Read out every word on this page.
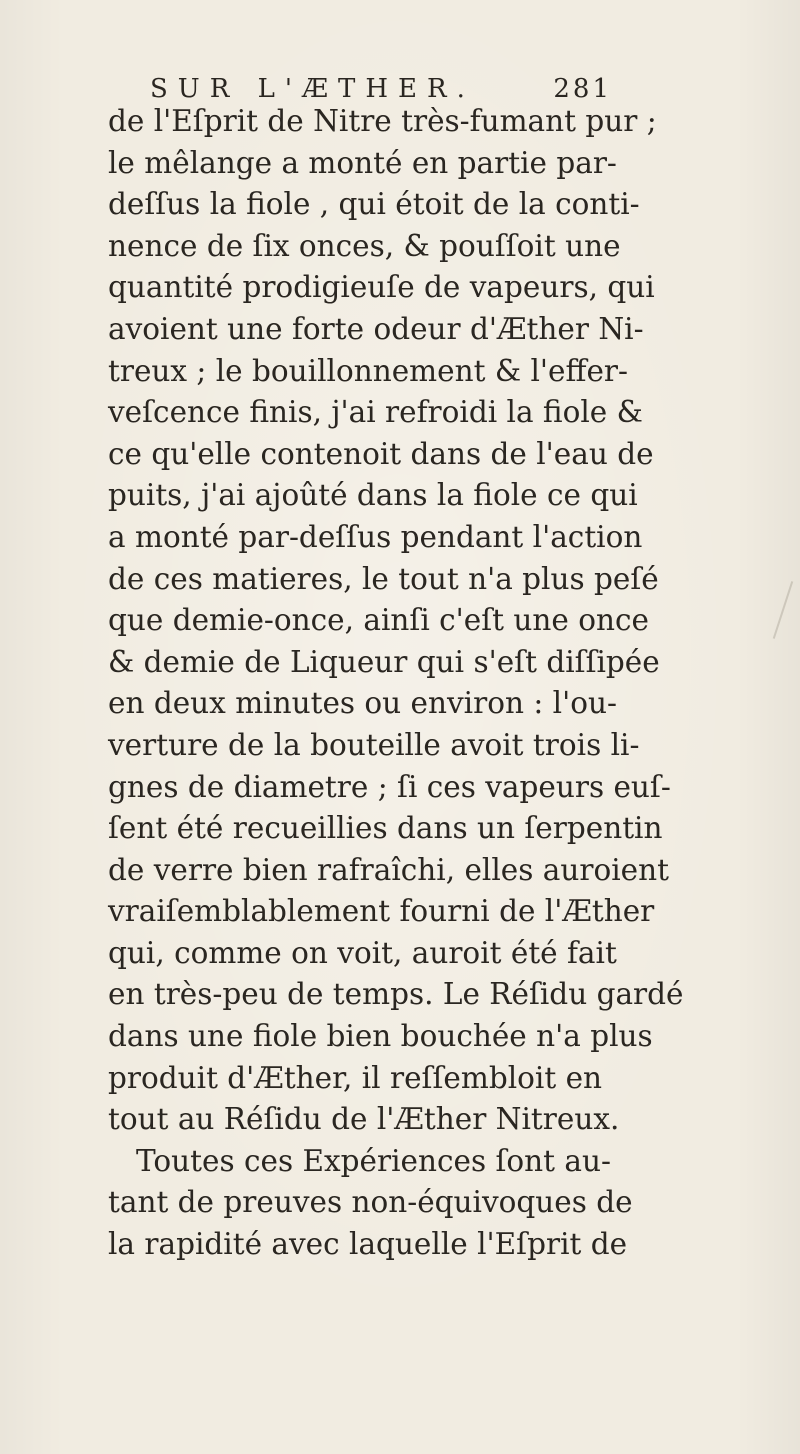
SUR L'ÆTHER.	281
de l'Eſprit de Nitre très-fumant pur ;
le mêlange a monté en partie par-
deſſus la fiole , qui étoit de la conti-
nence de ſix onces, & pouſſoit une
quantité prodigieuſe de vapeurs, qui
avoient une forte odeur d'Æther Ni-
treux ; le bouillonnement & l'effer-
veſcence finis, j'ai refroidi la fiole &
ce qu'elle contenoit dans de l'eau de
puits, j'ai ajoûté dans la fiole ce qui
a monté par-deſſus pendant l'action
de ces matieres, le tout n'a plus peſé
que demie-once, ainſi c'eſt une once
& demie de Liqueur qui s'eſt diſſipée
en deux minutes ou environ : l'ou-
verture de la bouteille avoit trois li-
gnes de diametre ; ſi ces vapeurs euſ-
ſent été recueillies dans un ſerpentin
de verre bien rafraîchi, elles auroient
vraiſemblablement fourni de l'Æther
qui, comme on voit, auroit été fait
en très-peu de temps. Le Réſidu gardé
dans une fiole bien bouchée n'a plus
produit d'Æther, il reſſembloit en
tout au Réſidu de l'Æther Nitreux.
Toutes ces Expériences ſont au-
tant de preuves non-équivoques de
la rapidité avec laquelle l'Eſprit de
